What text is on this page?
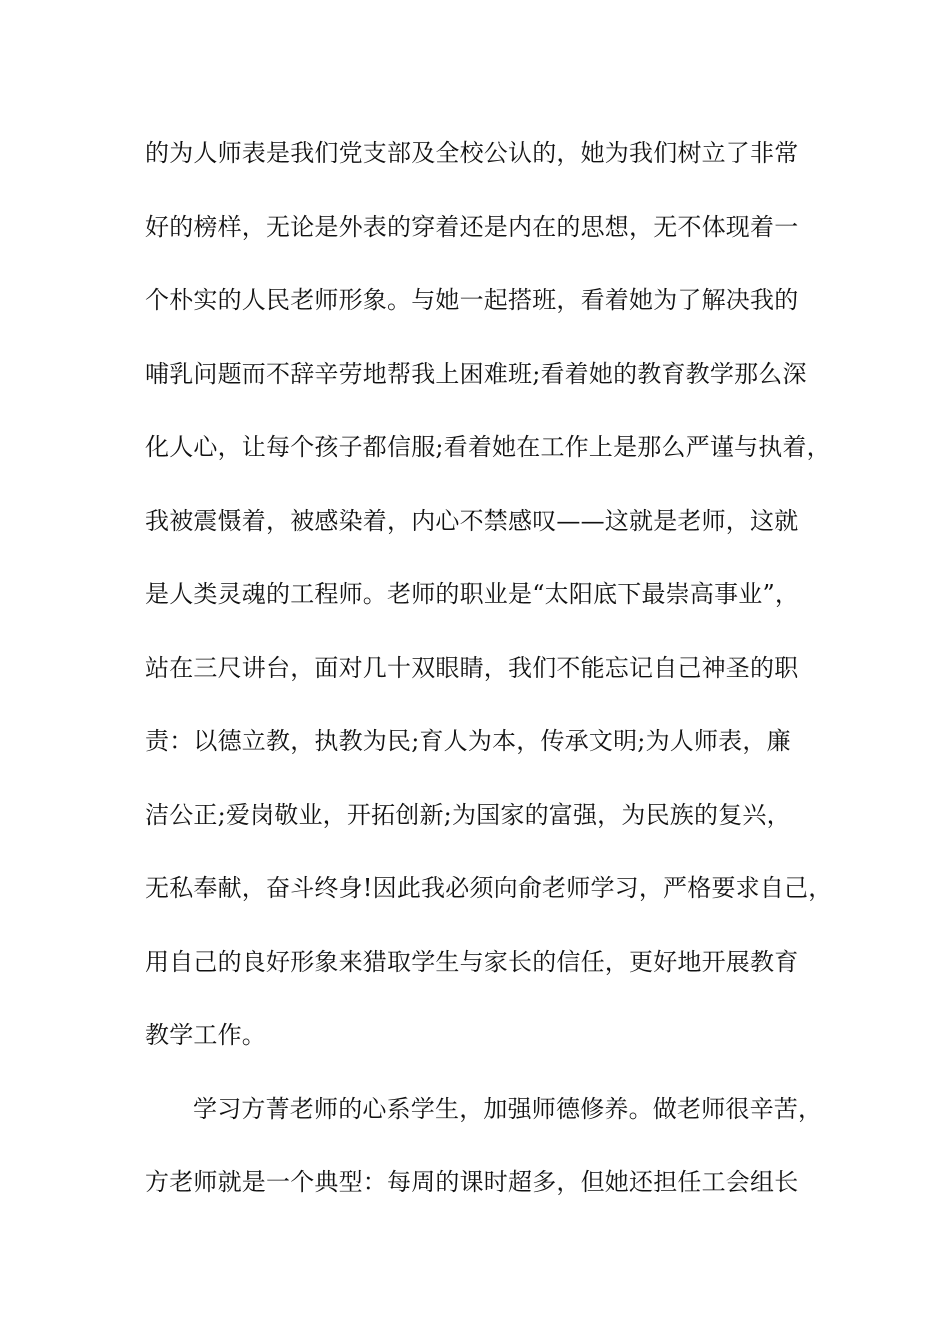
的为人师表是我们党支部及全校公认的，她为我们树立了非常
好的榜样，无论是外表的穿着还是内在的思想，无不体现着一
个朴实的人民老师形象。与她一起搭班，看着她为了解决我的
哺乳问题而不辞辛劳地帮我上困难班;看着她的教育教学那么深
化人心，让每个孩子都信服;看着她在工作上是那么严谨与执着，
我被震慑着，被感染着，内心不禁感叹——这就是老师，这就
是人类灵魂的工程师。老师的职业是“太阳底下最崇高事业”，
站在三尺讲台，面对几十双眼睛，我们不能忘记自己神圣的职
责：以德立教，执教为民;育人为本，传承文明;为人师表，廉
洁公正;爱岗敬业，开拓创新;为国家的富强，为民族的复兴，
无私奉献，奋斗终身!因此我必须向俞老师学习，严格要求自己，
用自己的良好形象来猎取学生与家长的信任，更好地开展教育
教学工作。
学习方菁老师的心系学生，加强师德修养。做老师很辛苦，
方老师就是一个典型：每周的课时超多，但她还担任工会组长
